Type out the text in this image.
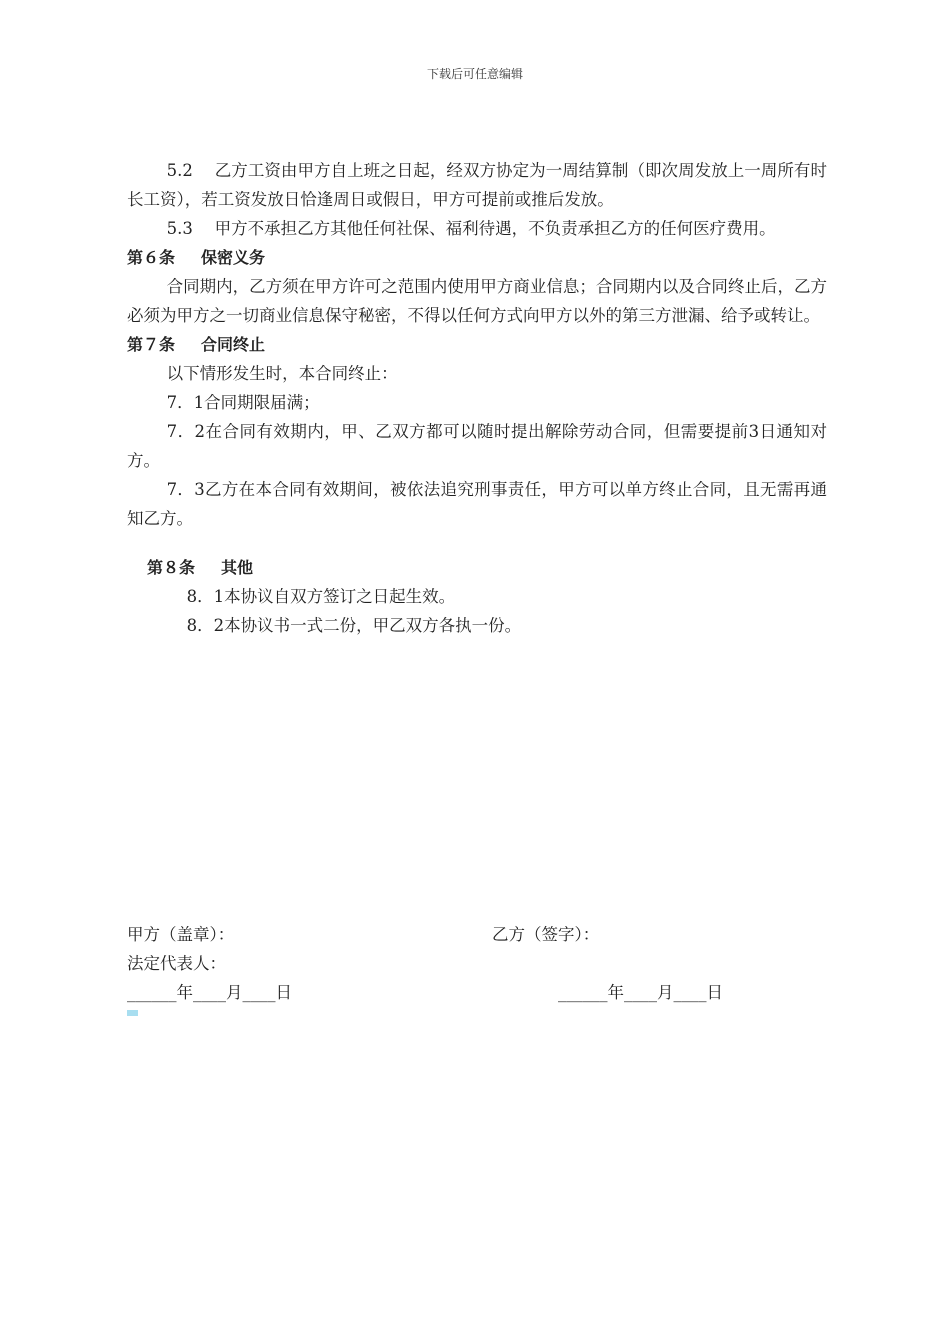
下载后可任意编辑

5.2　 乙方工资由甲方自上班之日起，经双方协定为一周结算制（即次周发放上一周所有时长工资），若工资发放日恰逢周日或假日，甲方可提前或推后发放。

5.3　 甲方不承担乙方其他任何社保、福利待遇，不负责承担乙方的任何医疗费用。

第６条 保密义务

合同期内，乙方须在甲方许可之范围内使用甲方商业信息；合同期内以及合同终止后，乙方必须为甲方之一切商业信息保守秘密，不得以任何方式向甲方以外的第三方泄漏、给予或转让。

第７条 合同终止

以下情形发生时，本合同终止：

7．1合同期限届满；

7．2在合同有效期内，甲、乙双方都可以随时提出解除劳动合同，但需要提前3日通知对方。

7．3乙方在本合同有效期间，被依法追究刑事责任，甲方可以单方终止合同，且无需再通知乙方。

第８条 其他

8．1本协议自双方签订之日起生效。

8．2本协议书一式二份，甲乙双方各执一份。

甲方（盖章）：	乙方（签字）：
法定代表人：
______年____月____日	______年____月____日
